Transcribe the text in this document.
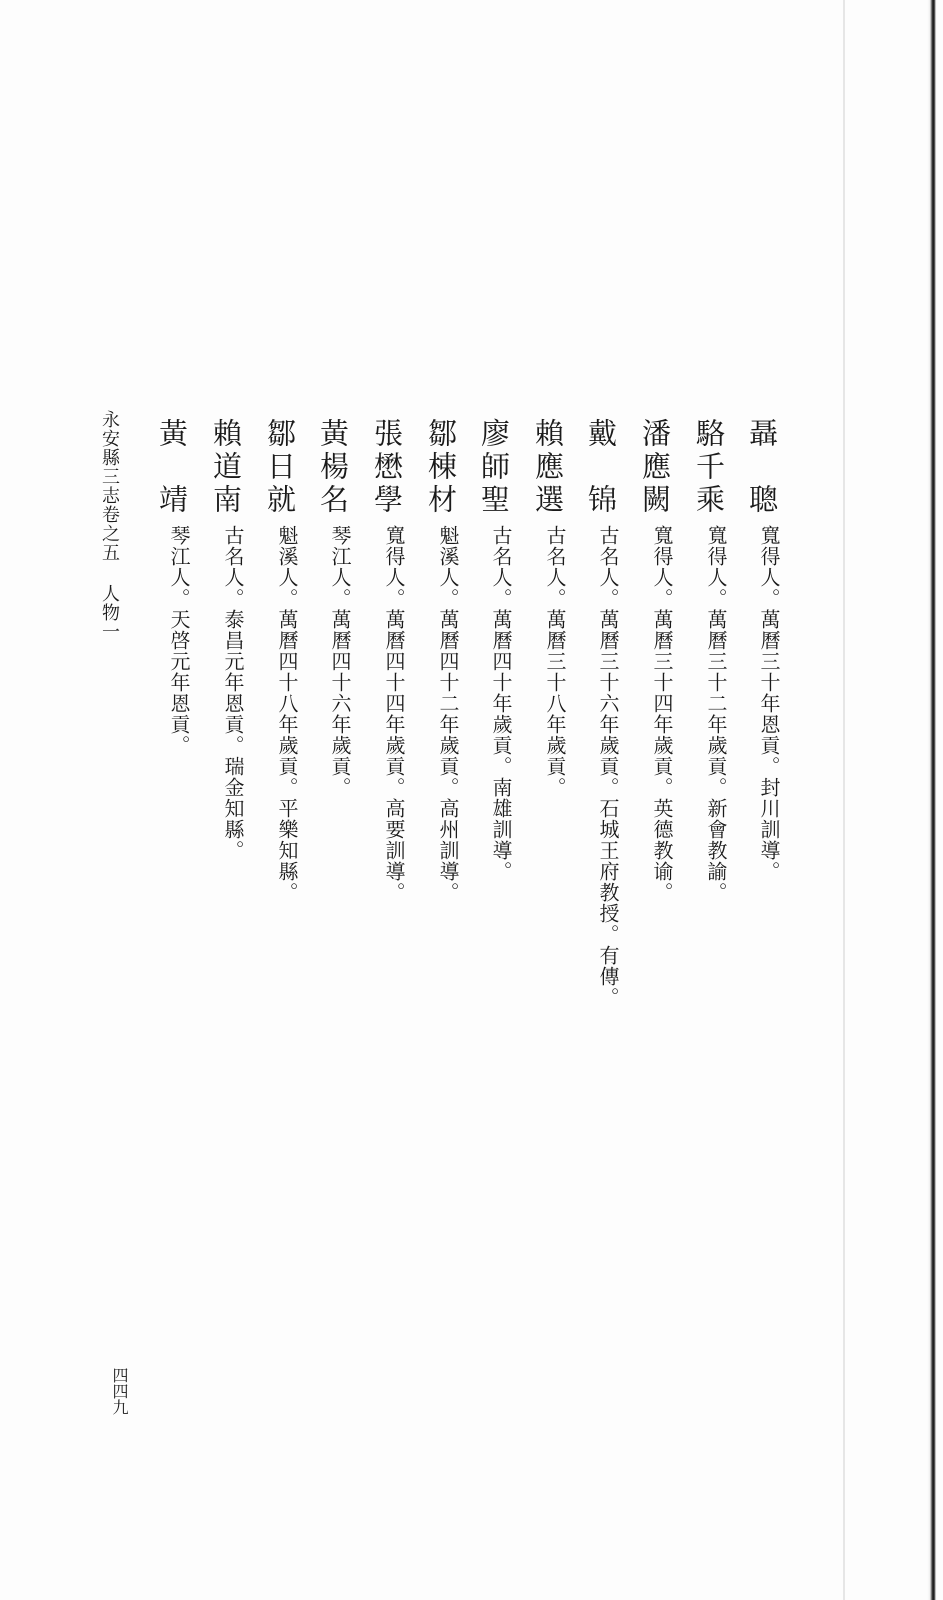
聶　聰
寬得人。萬曆三十年恩貢。封川訓導。
駱千乘
寬得人。萬曆三十二年歲貢。新會教諭。
潘應闕
寬得人。萬曆三十四年歲貢。英德教谕。
戴　锦
古名人。萬曆三十六年歲貢。石城王府教授。有傳。
賴應選
古名人。萬曆三十八年歲貢。
廖師聖
古名人。萬曆四十年歲貢。南雄訓導。
鄒棟材
魁溪人。萬曆四十二年歲貢。高州訓導。
張懋學
寬得人。萬曆四十四年歲貢。高要訓導。
黃楊名
琴江人。萬曆四十六年歲貢。
鄒日就
魁溪人。萬曆四十八年歲貢。平樂知縣。
賴道南
古名人。泰昌元年恩貢。瑞金知縣。
黃　靖
琴江人。天啓元年恩貢。
永安縣三志卷之五
人物一
四四九
